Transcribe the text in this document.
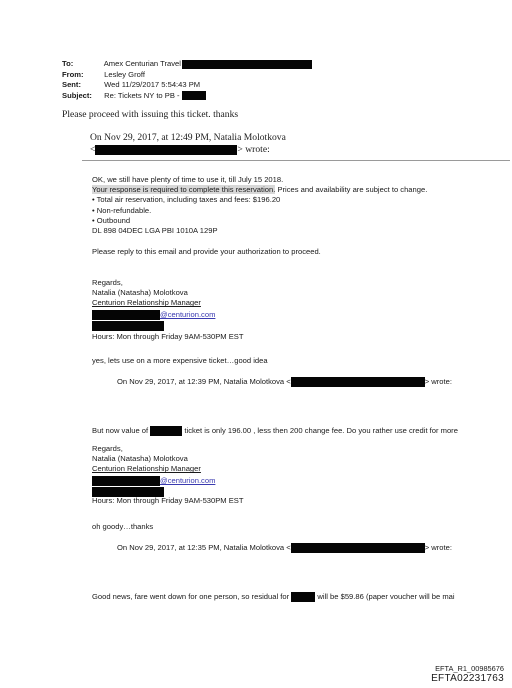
To:	Amex Centurian Travel
From:	Lesley Groff
Sent:	Wed 11/29/2017 5:54:43 PM
Subject: Re: Tickets NY to PB -
Please proceed with issuing this ticket. thanks
On Nov 29, 2017, at 12:49 PM, Natalia Molotkova
<	> wrote:
OK, we still have plenty of time to use it, till July 15 2018.
Your response is required to complete this reservation. Prices and availability are subject to change.
• Total air reservation, including taxes and fees: $196.20
• Non-refundable.
• Outbound
DL 898 04DEC LGA PBI 1010A 129P
Please reply to this email and provide your authorization to proceed.
Regards,
Natalia (Natasha) Molotkova
Centurion Relationship Manager
@centurion.com
Hours: Mon through Friday 9AM-530PM EST
yes, lets use on a more expensive ticket…good idea
On Nov 29, 2017, at 12:39 PM, Natalia Molotkova <	> wrote:
But now value of	ticket is only 196.00 , less then 200 change fee. Do you rather use credit for more
Regards,
Natalia (Natasha) Molotkova
Centurion Relationship Manager
@centurion.com
Hours: Mon through Friday 9AM-530PM EST
oh goody…thanks
On Nov 29, 2017, at 12:35 PM, Natalia Molotkova <	> wrote:
Good news, fare went down for one person, so residual for	will be $59.86 (paper voucher will be mai
EFTA_R1_00985676
EFTA02231763
